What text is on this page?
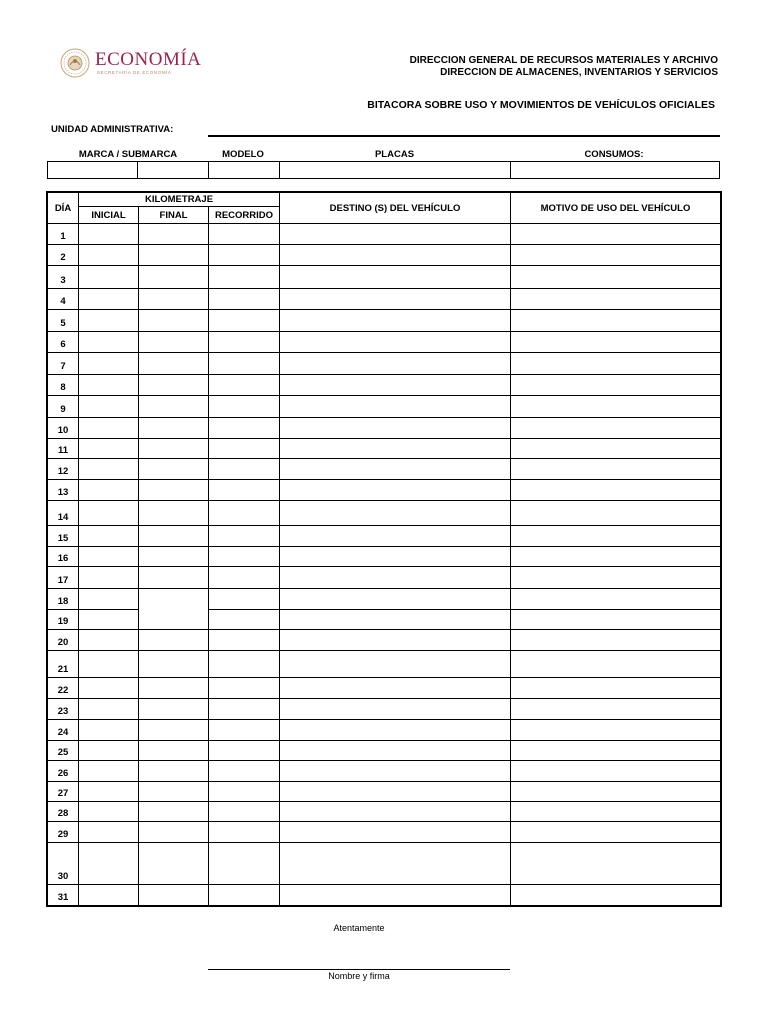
ECONOMÍA
SECRETARÍA DE ECONOMÍA
DIRECCION GENERAL DE RECURSOS MATERIALES Y ARCHIVO
DIRECCION DE ALMACENES, INVENTARIOS Y SERVICIOS
BITACORA SOBRE USO Y MOVIMIENTOS DE VEHÍCULOS OFICIALES
UNIDAD ADMINISTRATIVA:
MARCA / SUBMARCA	MODELO	PLACAS	CONSUMOS:
DÍA	KILOMETRAJE			DESTINO (S) DEL VEHÍCULO	MOTIVO DE USO DEL VEHÍCULO
	INICIAL	FINAL	RECORRIDO		
1					
2					
3					
4					
5					
6					
7					
8					
9					
10					
11					
12					
13					
14					
15					
16					
17					
18					
19					
20					
21					
22					
23					
24					
25					
26					
27					
28					
29					
30					
31					
Atentamente
Nombre y firma
